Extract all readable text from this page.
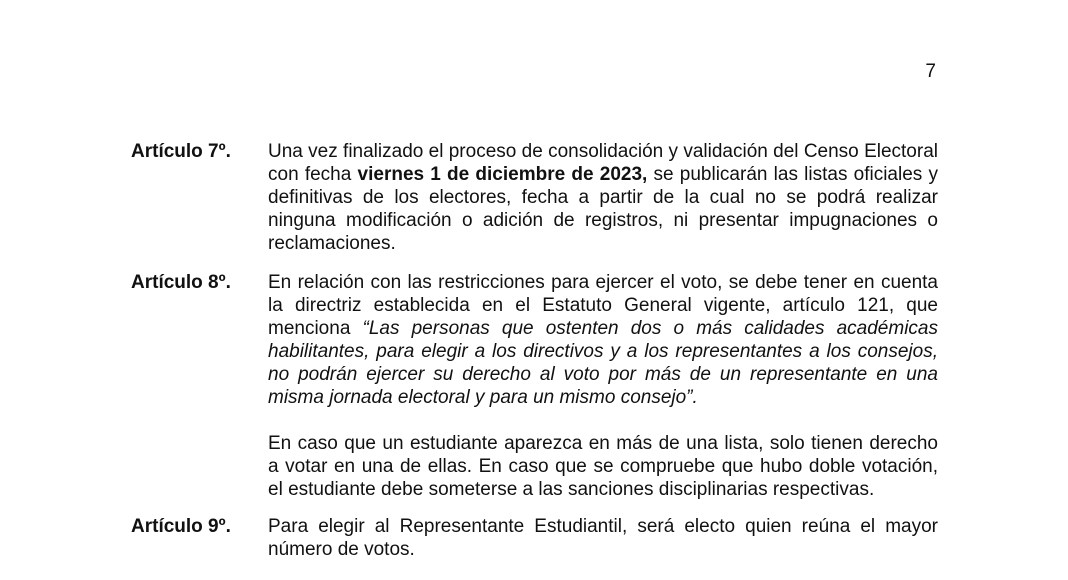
7
Artículo 7º. Una vez finalizado el proceso de consolidación y validación del Censo Electoral con fecha viernes 1 de diciembre de 2023, se publicarán las listas oficiales y definitivas de los electores, fecha a partir de la cual no se podrá realizar ninguna modificación o adición de registros, ni presentar impugnaciones o reclamaciones.

Artículo 8º. En relación con las restricciones para ejercer el voto, se debe tener en cuenta la directriz establecida en el Estatuto General vigente, artículo 121, que menciona “Las personas que ostenten dos o más calidades académicas habilitantes, para elegir a los directivos y a los representantes a los consejos, no podrán ejercer su derecho al voto por más de un representante en una misma jornada electoral y para un mismo consejo”.

En caso que un estudiante aparezca en más de una lista, solo tienen derecho a votar en una de ellas. En caso que se compruebe que hubo doble votación, el estudiante debe someterse a las sanciones disciplinarias respectivas.

Artículo 9º. Para elegir al Representante Estudiantil, será electo quien reúna el mayor número de votos.
